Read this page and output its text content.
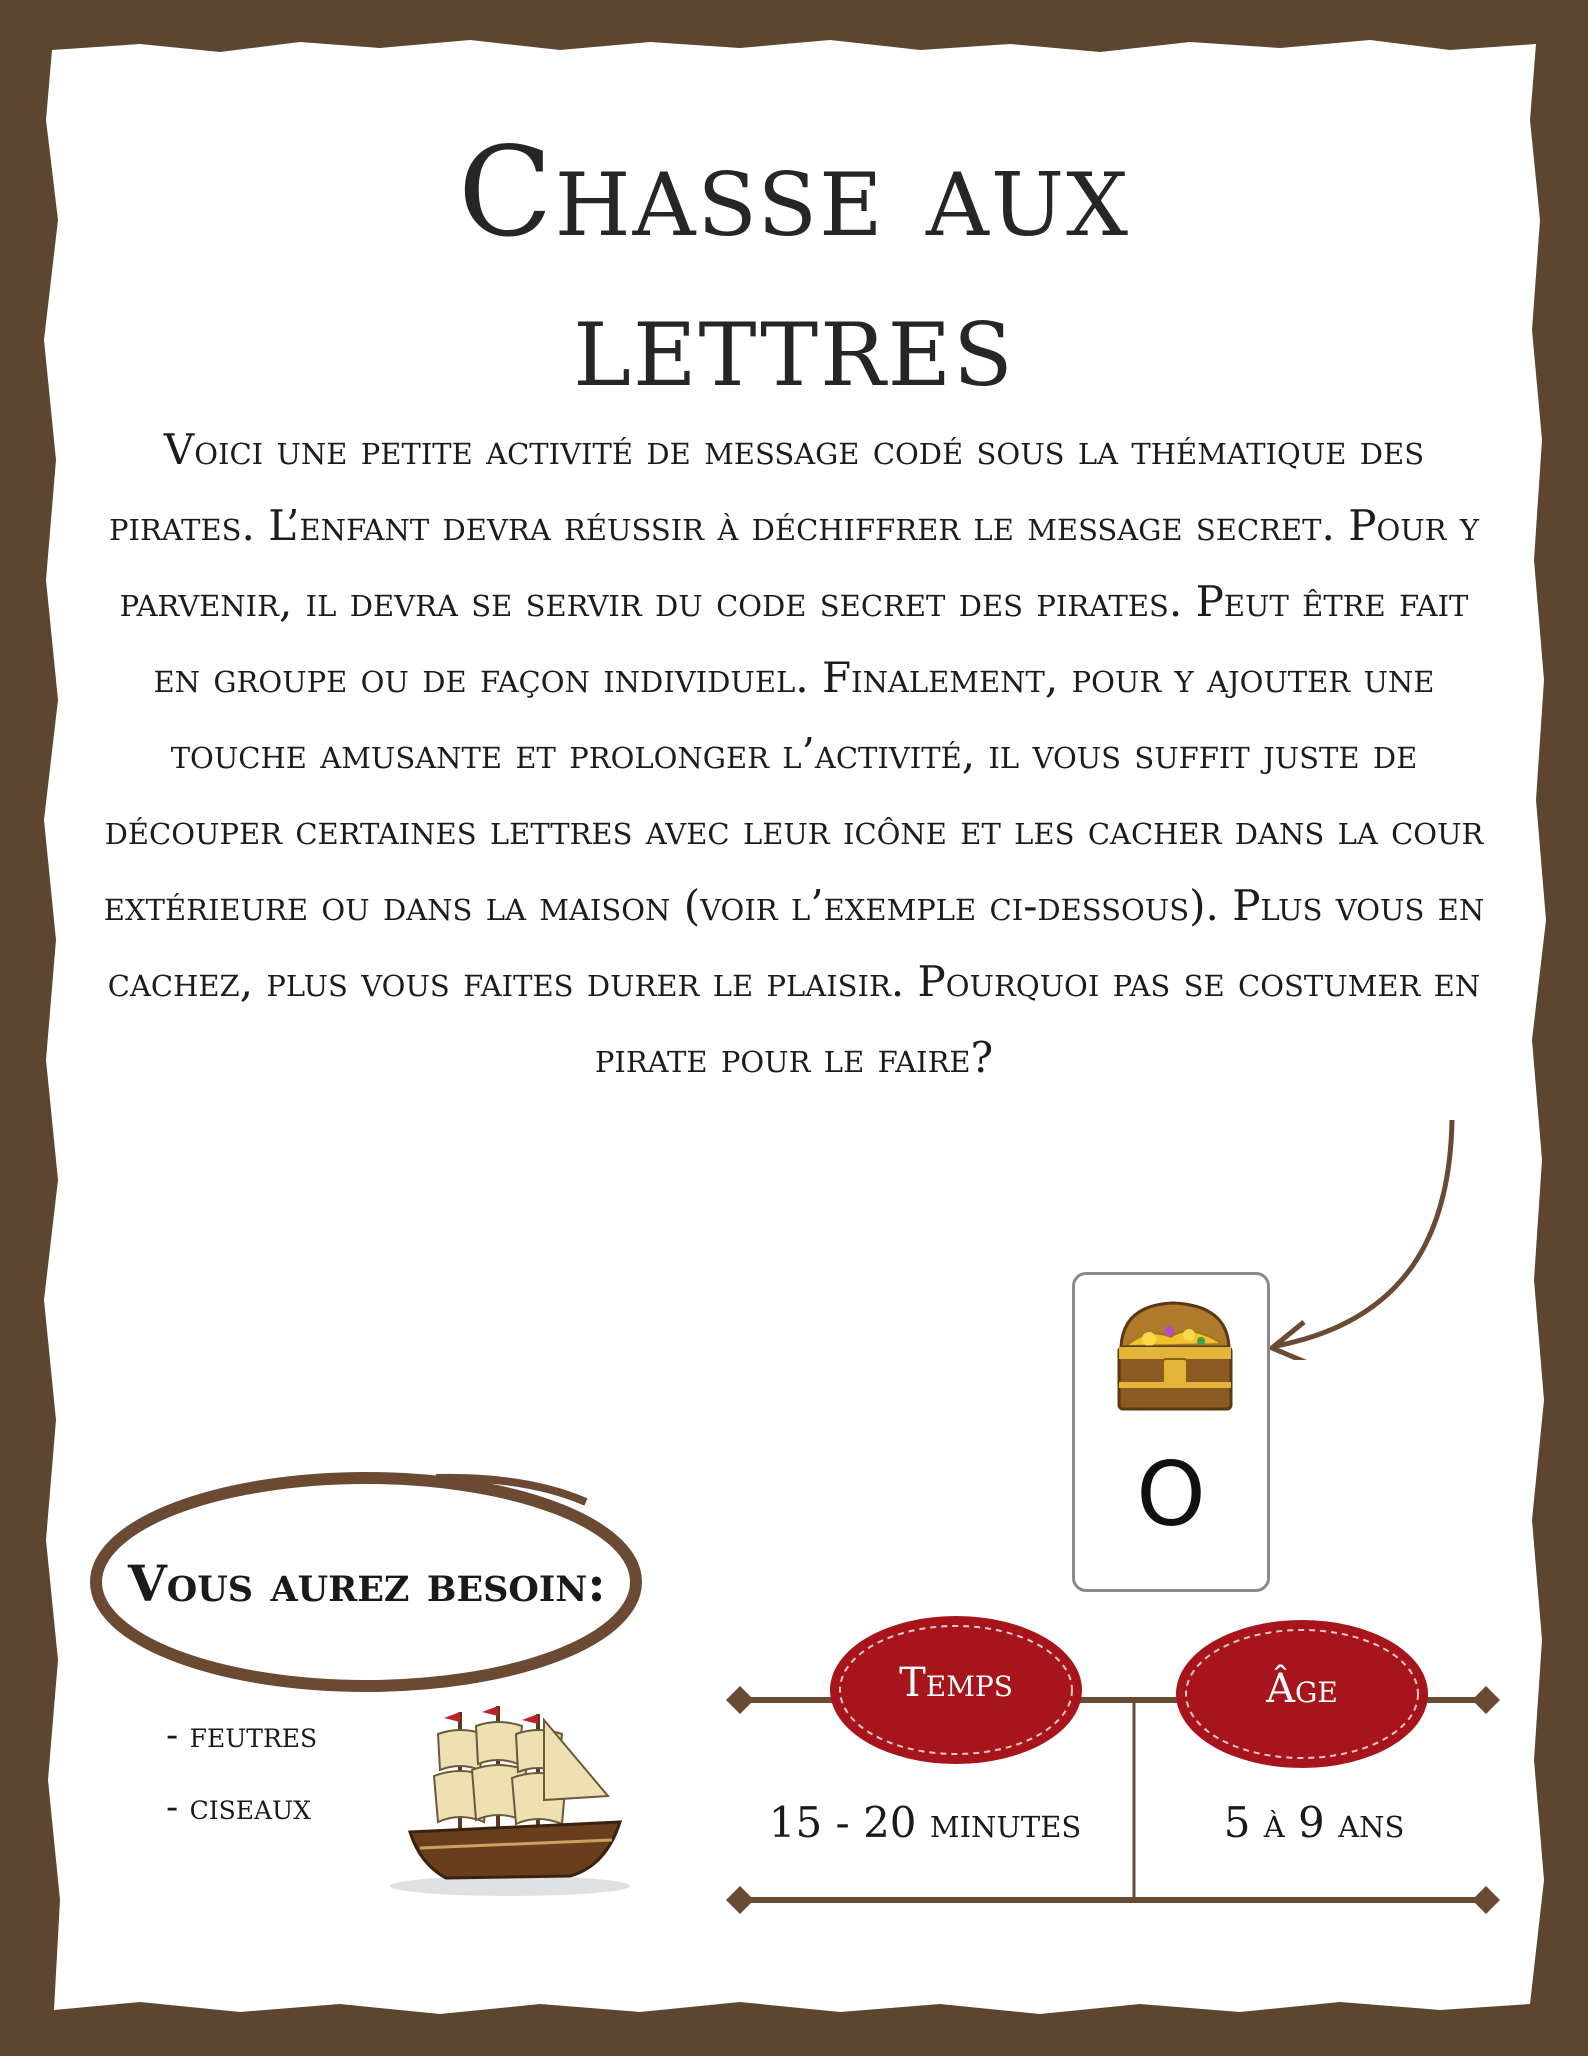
Chasse aux lettres

Voici une petite activité de message codé sous la thématique des pirates. L’enfant devra réussir à déchiffrer le message secret. Pour y parvenir, il devra se servir du code secret des pirates. Peut être fait en groupe ou de façon individuel. Finalement, pour y ajouter une touche amusante et prolonger l’activité, il vous suffit juste de découper certaines lettres avec leur icône et les cacher dans la cour extérieure ou dans la maison (voir l’exemple ci-dessous). Plus vous en cachez, plus vous faites durer le plaisir. Pourquoi pas se costumer en pirate pour le faire?

O
Vous aurez besoin:
- feutres
- ciseaux
Temps	Âge
15 - 20 minutes	5 à 9 ans
